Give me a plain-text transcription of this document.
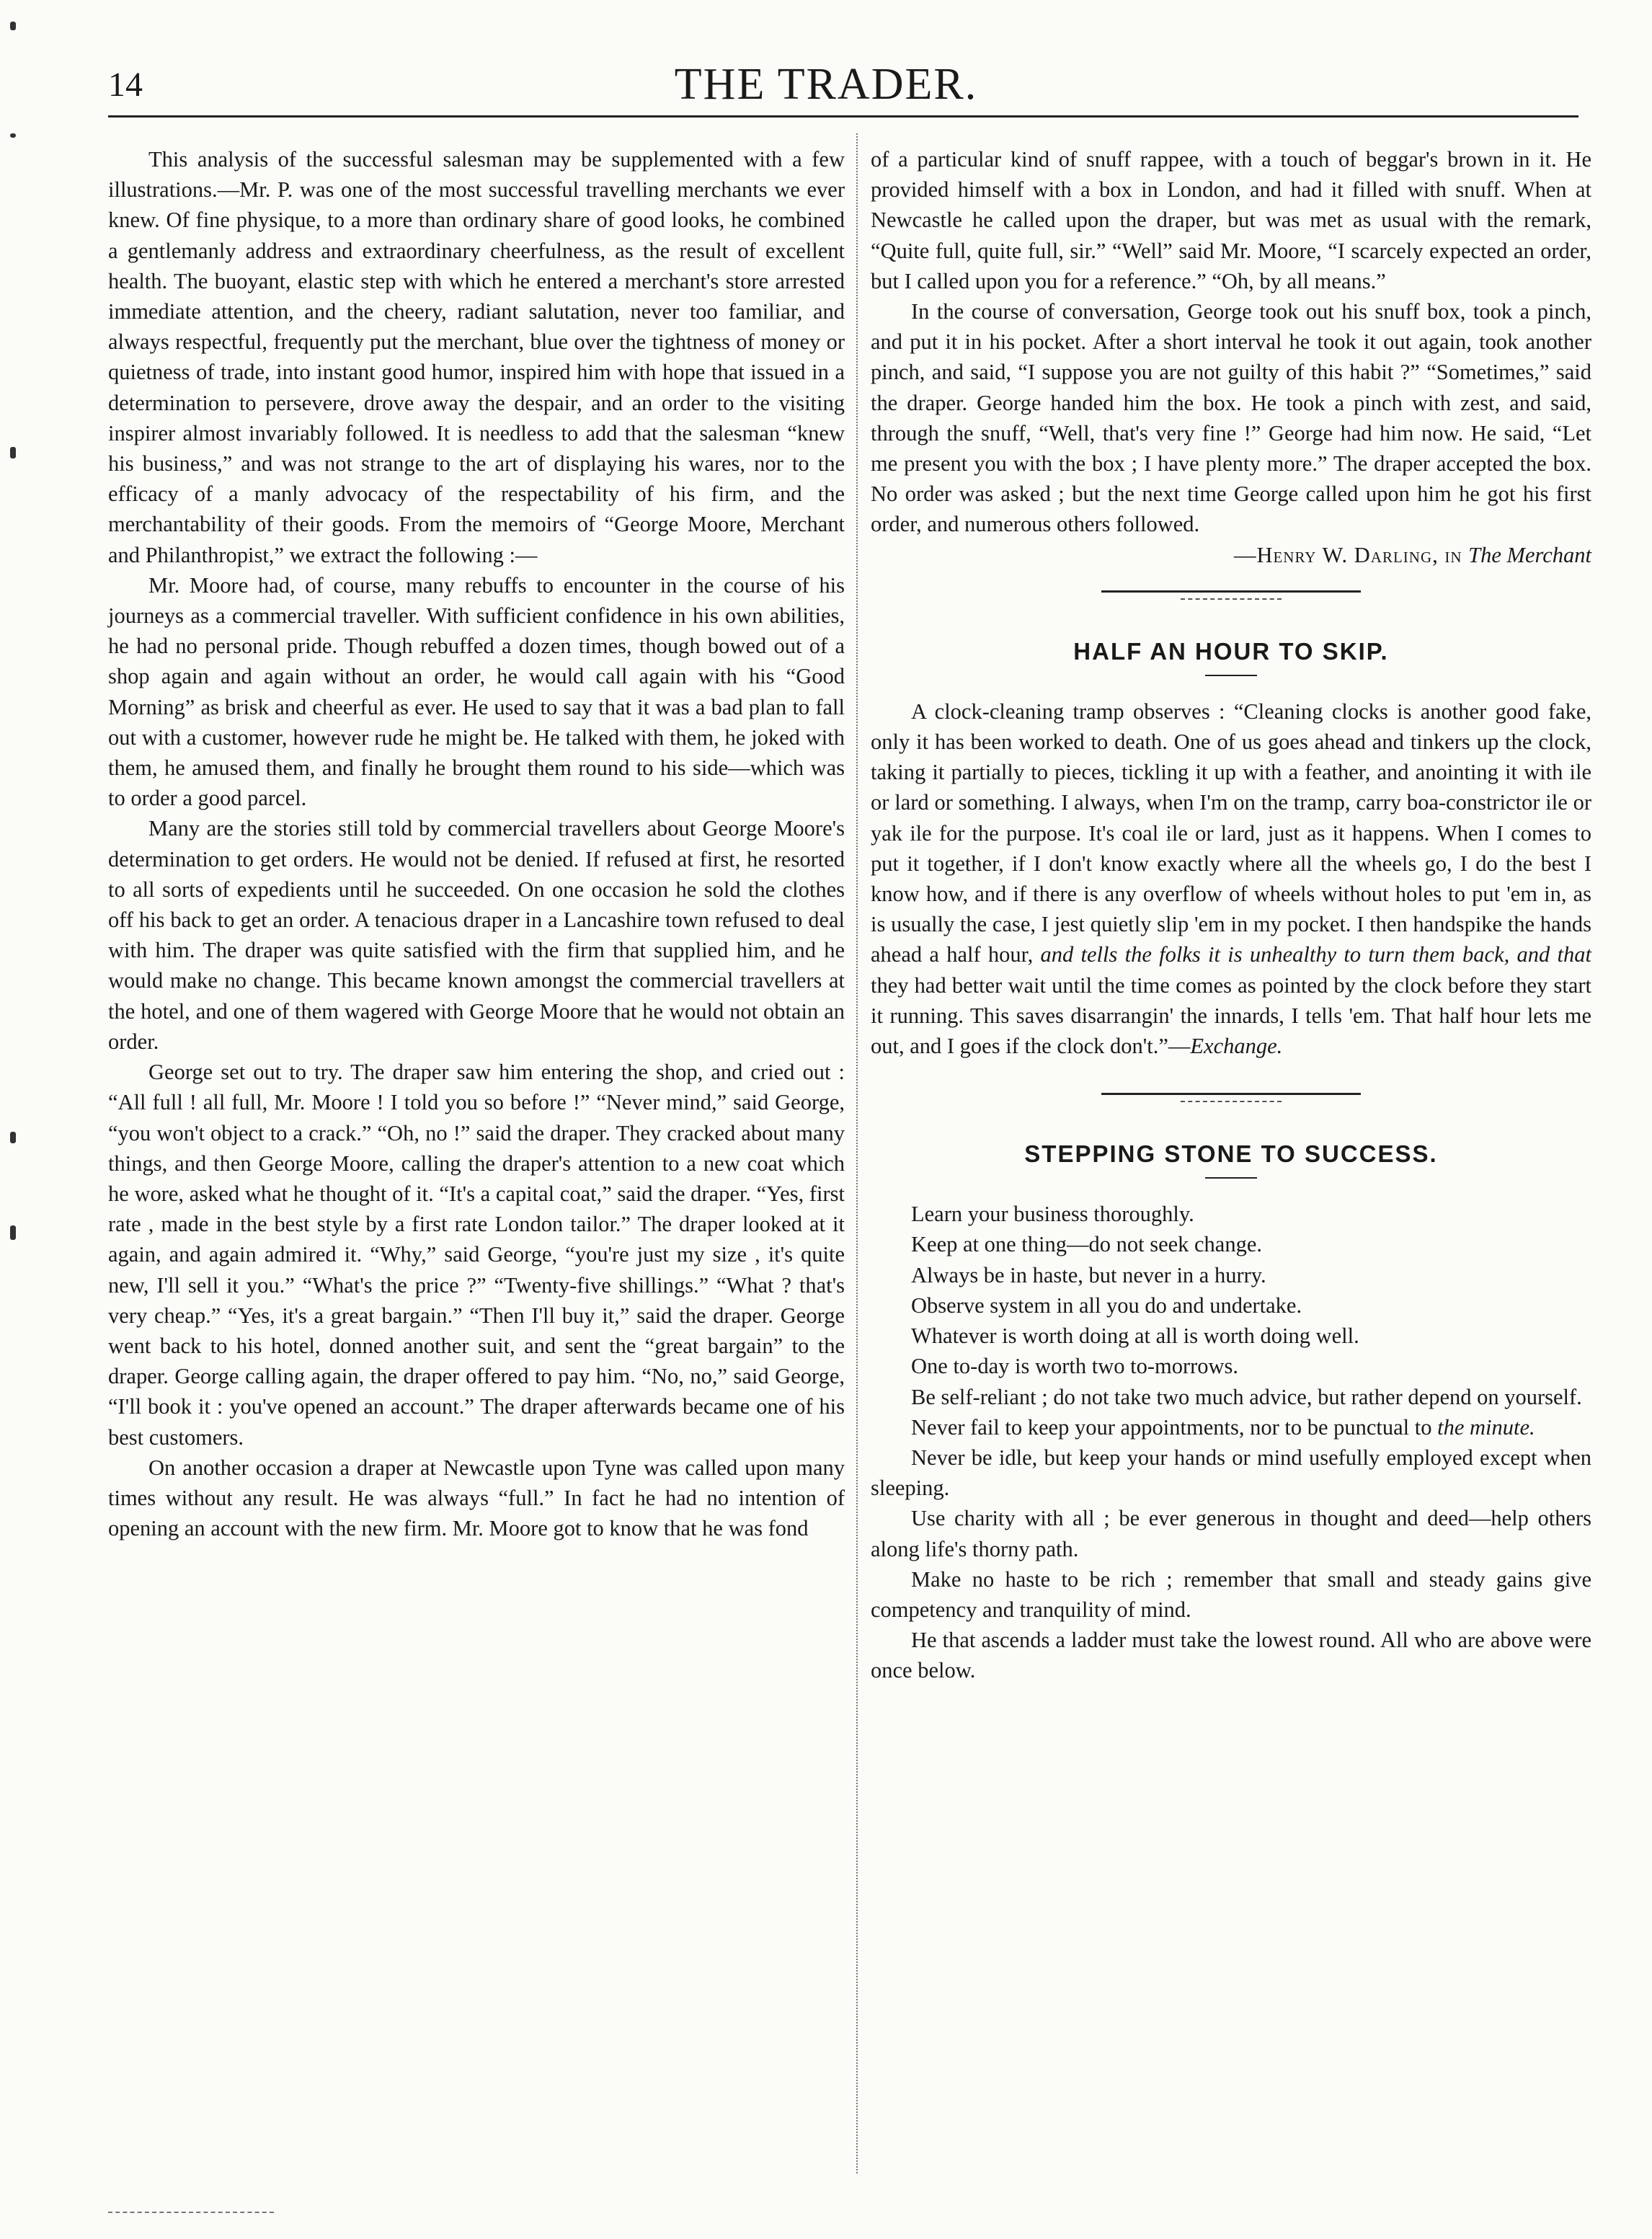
14	THE TRADER.

This analysis of the successful salesman may be supplemented with a few illustrations.—Mr. P. was one of the most successful travelling merchants we ever knew. Of fine physique, to a more than ordinary share of good looks, he combined a gentlemanly address and extraordinary cheerfulness, as the result of excellent health. The buoyant, elastic step with which he entered a merchant's store arrested immediate attention, and the cheery, radiant salutation, never too familiar, and always respectful, frequently put the merchant, blue over the tightness of money or quietness of trade, into instant good humor, inspired him with hope that issued in a determination to persevere, drove away the despair, and an order to the visiting inspirer almost invariably followed. It is needless to add that the salesman “knew his business,” and was not strange to the art of displaying his wares, nor to the efficacy of a manly advocacy of the respectability of his firm, and the merchantability of their goods. From the memoirs of “George Moore, Merchant and Philanthropist,” we extract the following :—

Mr. Moore had, of course, many rebuffs to encounter in the course of his journeys as a commercial traveller. With sufficient confidence in his own abilities, he had no personal pride. Though rebuffed a dozen times, though bowed out of a shop again and again without an order, he would call again with his “Good Morning” as brisk and cheerful as ever. He used to say that it was a bad plan to fall out with a customer, however rude he might be. He talked with them, he joked with them, he amused them, and finally he brought them round to his side—which was to order a good parcel.

Many are the stories still told by commercial travellers about George Moore's determination to get orders. He would not be denied. If refused at first, he resorted to all sorts of expedients until he succeeded. On one occasion he sold the clothes off his back to get an order. A tenacious draper in a Lancashire town refused to deal with him. The draper was quite satisfied with the firm that supplied him, and he would make no change. This became known amongst the commercial travellers at the hotel, and one of them wagered with George Moore that he would not obtain an order.

George set out to try. The draper saw him entering the shop, and cried out : “All full ! all full, Mr. Moore ! I told you so before !” “Never mind,” said George, “you won't object to a crack.” “Oh, no !” said the draper. They cracked about many things, and then George Moore, calling the draper's attention to a new coat which he wore, asked what he thought of it. “It's a capital coat,” said the draper. “Yes, first rate , made in the best style by a first rate London tailor.” The draper looked at it again, and again admired it. “Why,” said George, “you're just my size , it's quite new, I'll sell it you.” “What's the price ?” “Twenty-five shillings.” “What ? that's very cheap.” “Yes, it's a great bargain.” “Then I'll buy it,” said the draper. George went back to his hotel, donned another suit, and sent the “great bargain” to the draper. George calling again, the draper offered to pay him. “No, no,” said George, “I'll book it : you've opened an account.” The draper afterwards became one of his best customers.

On another occasion a draper at Newcastle upon Tyne was called upon many times without any result. He was always “full.” In fact he had no intention of opening an account with the new firm. Mr. Moore got to know that he was fond

of a particular kind of snuff rappee, with a touch of beggar's brown in it. He provided himself with a box in London, and had it filled with snuff. When at Newcastle he called upon the draper, but was met as usual with the remark, “Quite full, quite full, sir.” “Well” said Mr. Moore, “I scarcely expected an order, but I called upon you for a reference.” “Oh, by all means.”

In the course of conversation, George took out his snuff box, took a pinch, and put it in his pocket. After a short interval he took it out again, took another pinch, and said, “I suppose you are not guilty of this habit ?” “Sometimes,” said the draper. George handed him the box. He took a pinch with zest, and said, through the snuff, “Well, that's very fine !” George had him now. He said, “Let me present you with the box ; I have plenty more.” The draper accepted the box. No order was asked ; but the next time George called upon him he got his first order, and numerous others followed.

—Henry W. Darling, in The Merchant

HALF AN HOUR TO SKIP.

A clock-cleaning tramp observes : “Cleaning clocks is another good fake, only it has been worked to death. One of us goes ahead and tinkers up the clock, taking it partially to pieces, tickling it up with a feather, and anointing it with ile or lard or something. I always, when I'm on the tramp, carry boa-constrictor ile or yak ile for the purpose. It's coal ile or lard, just as it happens. When I comes to put it together, if I don't know exactly where all the wheels go, I do the best I know how, and if there is any overflow of wheels without holes to put 'em in, as is usually the case, I jest quietly slip 'em in my pocket. I then handspike the hands ahead a half hour, and tells the folks it is unhealthy to turn them back, and that they had better wait until the time comes as pointed by the clock before they start it running. This saves disarrangin' the innards, I tells 'em. That half hour lets me out, and I goes if the clock don't.”—Exchange.

STEPPING STONE TO SUCCESS.

Learn your business thoroughly.

Keep at one thing—do not seek change.

Always be in haste, but never in a hurry.

Observe system in all you do and undertake.

Whatever is worth doing at all is worth doing well.

One to-day is worth two to-morrows.

Be self-reliant ; do not take two much advice, but rather depend on yourself.

Never fail to keep your appointments, nor to be punctual to the minute.

Never be idle, but keep your hands or mind usefully employed except when sleeping.

Use charity with all ; be ever generous in thought and deed—help others along life's thorny path.

Make no haste to be rich ; remember that small and steady gains give competency and tranquility of mind.

He that ascends a ladder must take the lowest round. All who are above were once below.
